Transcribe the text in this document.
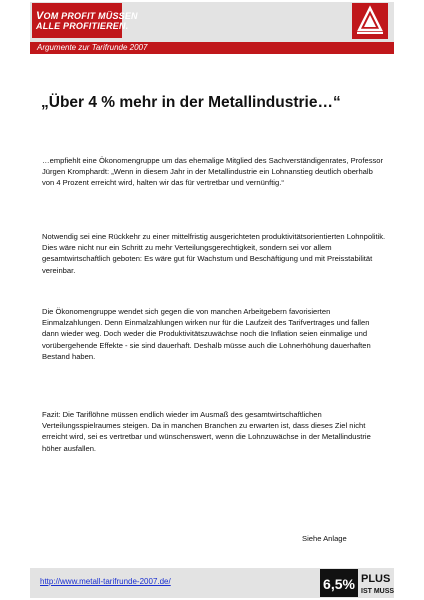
VOM PROFIT MÜSSEN
ALLE PROFITIEREN.
Argumente zur Tarifrunde 2007
„Über 4 % mehr in der Metallindustrie…“

…empfiehlt eine Ökonomengruppe um das ehemalige Mitglied des Sachverständigenrates, Professor Jürgen Kromphardt: „Wenn in diesem Jahr in der Metallindustrie ein Lohnanstieg deutlich oberhalb von 4 Prozent erreicht wird, halten wir das für vertretbar und vernünftig.“

Notwendig sei eine Rückkehr zu einer mittelfristig ausgerichteten produktivitätsorientierten Lohnpolitik. Dies wäre nicht nur ein Schritt zu mehr Verteilungsgerechtigkeit, sondern sei vor allem gesamtwirtschaftlich geboten: Es wäre gut für Wachstum und Beschäftigung und mit Preisstabilität vereinbar.

Die Ökonomengruppe wendet sich gegen die von manchen Arbeitgebern favorisierten Einmalzahlungen. Denn Einmalzahlungen wirken nur für die Laufzeit des Tarifvertrages und fallen dann wieder weg. Doch weder die Produktivitätszuwächse noch die Inflation seien einmalige und vorübergehende Effekte - sie sind dauerhaft. Deshalb müsse auch die Lohnerhöhung dauerhaften Bestand haben.

Fazit: Die Tariflöhne müssen endlich wieder im Ausmaß des gesamtwirtschaftlichen Verteilungsspielraumes steigen. Da in manchen Branchen zu erwarten ist, dass dieses Ziel nicht erreicht wird, sei es vertretbar und wünschenswert, wenn die Lohnzuwächse in der Metallindustrie höher ausfallen.

Siehe Anlage
http://www.metall-tarifrunde-2007.de/	6,5% PLUS
IST MUSS
